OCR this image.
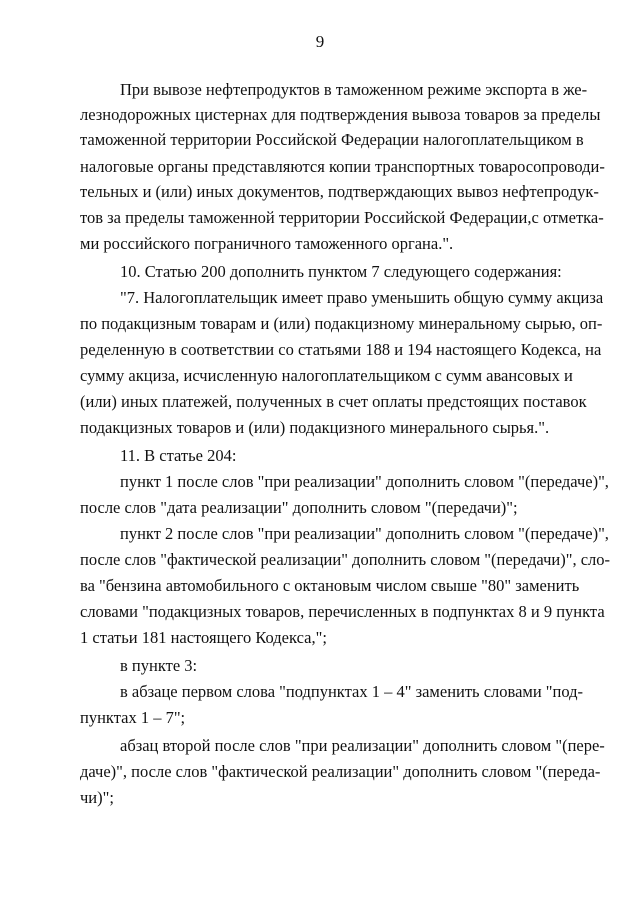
9
При вывозе нефтепродуктов в таможенном режиме экспорта в же-
лезнодорожных цистернах для подтверждения вывоза товаров за пределы
таможенной территории Российской Федерации налогоплательщиком в
налоговые органы представляются копии транспортных товаросопроводи-
тельных и (или) иных документов, подтверждающих вывоз нефтепродук-
тов за пределы таможенной территории Российской Федерации,с отметка-
ми российского пограничного таможенного органа.".
10. Статью 200 дополнить пунктом 7 следующего содержания:
"7. Налогоплательщик имеет право уменьшить общую сумму акциза
по подакцизным товарам и (или) подакцизному минеральному сырью, оп-
ределенную в соответствии со статьями 188 и 194 настоящего Кодекса, на
сумму акциза, исчисленную налогоплательщиком с сумм авансовых и
(или) иных платежей, полученных в счет оплаты предстоящих поставок
подакцизных товаров и (или) подакцизного минерального сырья.".
11. В статье 204:
пункт 1 после слов "при реализации" дополнить словом "(передаче)",
после слов "дата реализации" дополнить словом "(передачи)";
пункт 2 после слов "при реализации" дополнить словом "(передаче)",
после слов "фактической реализации" дополнить словом "(передачи)", сло-
ва "бензина автомобильного с октановым числом свыше "80" заменить
словами "подакцизных товаров, перечисленных в подпунктах 8 и 9 пункта
1 статьи 181 настоящего Кодекса,";
в пункте 3:
в абзаце первом слова "подпунктах 1 – 4" заменить словами "под-
пунктах 1 – 7";
абзац второй после слов "при реализации" дополнить словом "(пере-
даче)", после слов "фактической реализации" дополнить словом "(переда-
чи)";
